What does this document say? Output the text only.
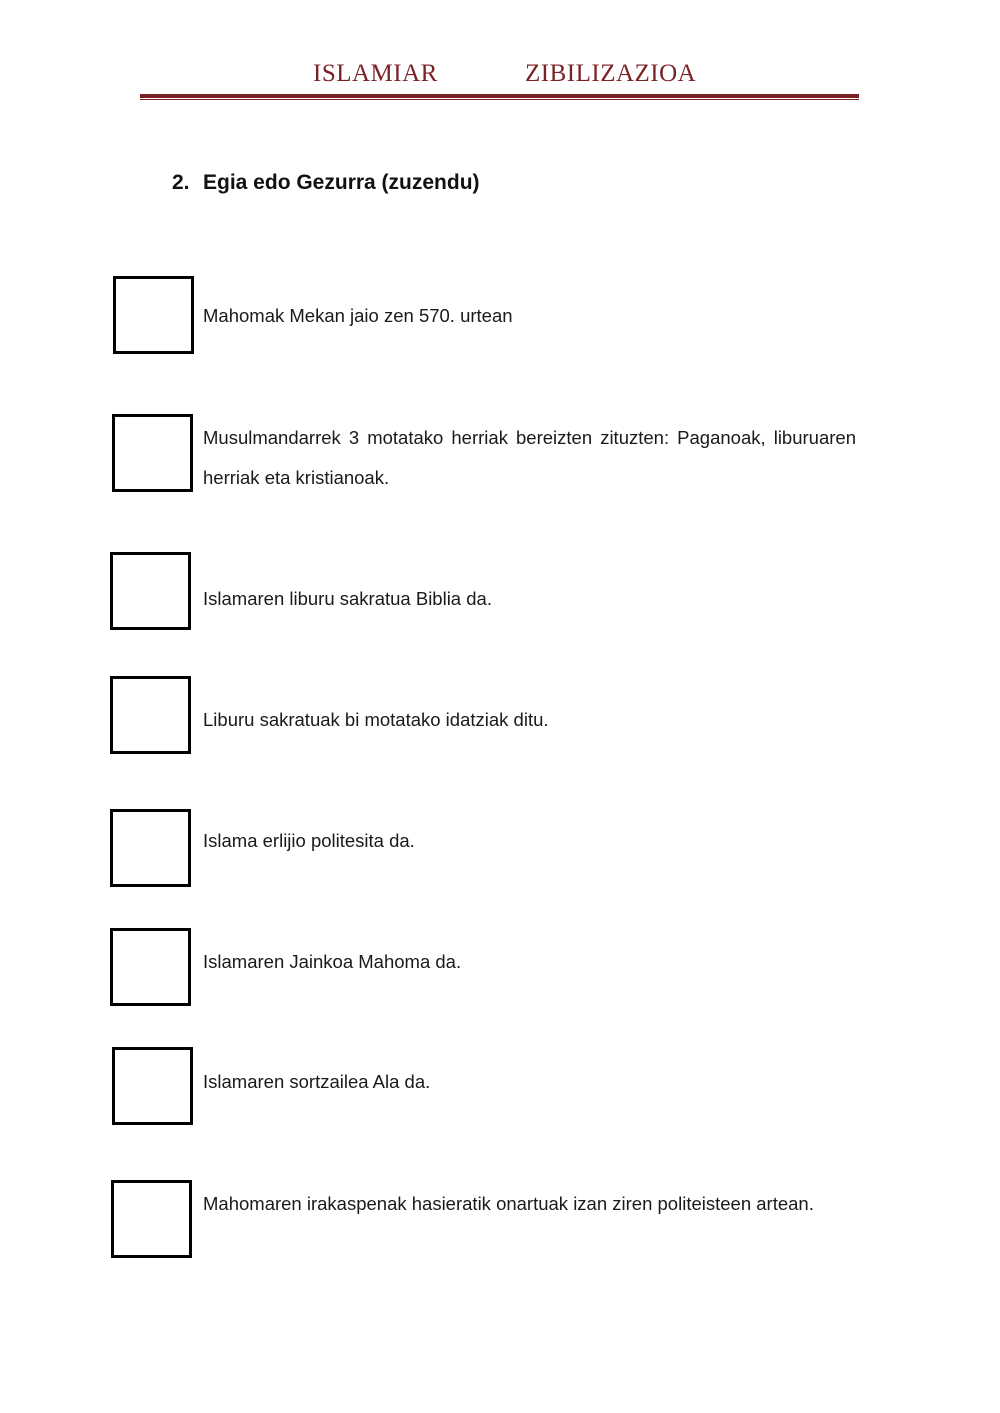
ISLAMIAR	ZIBILIZAZIOA
2. Egia edo Gezurra (zuzendu)
Mahomak Mekan jaio zen 570. urtean
Musulmandarrek 3 motatako herriak bereizten zituzten: Paganoak, liburuaren herriak eta kristianoak.
Islamaren liburu sakratua Biblia da.
Liburu sakratuak bi motatako idatziak ditu.
Islama erlijio politesita da.
Islamaren Jainkoa Mahoma da.
Islamaren sortzailea Ala da.
Mahomaren irakaspenak hasieratik onartuak izan ziren politeisteen artean.
